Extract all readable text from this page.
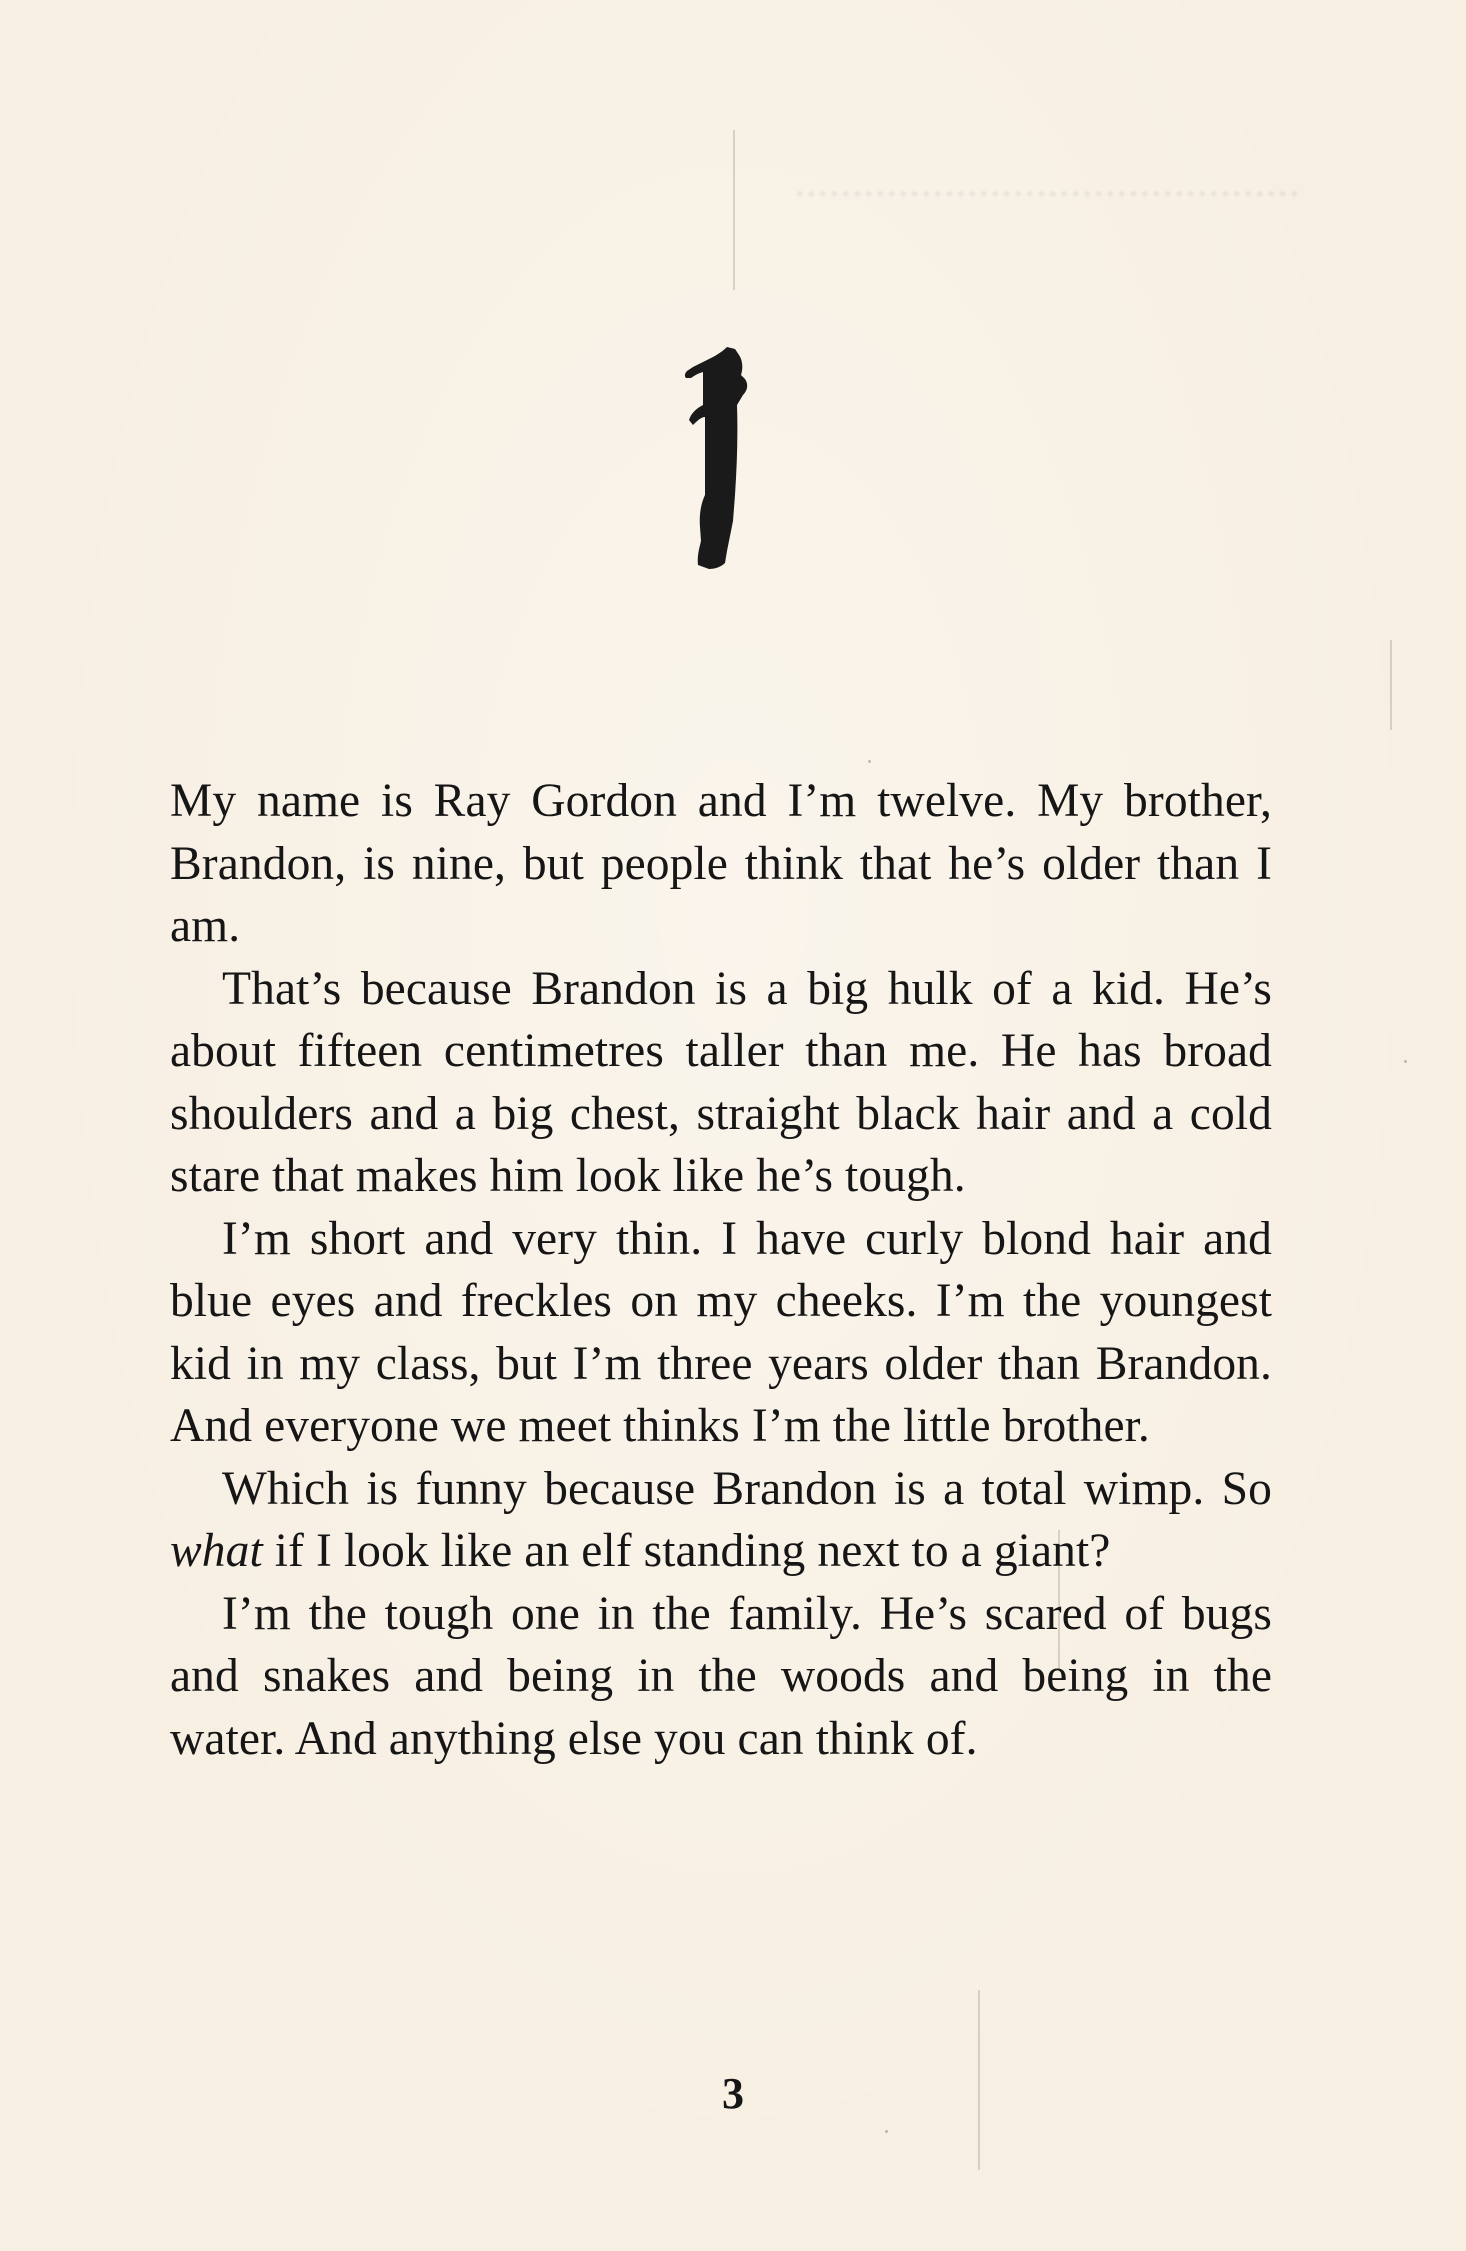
............................................

My name is Ray Gordon and I’m twelve. My brother, Brandon, is nine, but people think that he’s older than I am.

That’s because Brandon is a big hulk of a kid. He’s about fifteen centimetres taller than me. He has broad shoulders and a big chest, straight black hair and a cold stare that makes him look like he’s tough.

I’m short and very thin. I have curly blond hair and blue eyes and freckles on my cheeks. I’m the youngest kid in my class, but I’m three years older than Brandon. And everyone we meet thinks I’m the little brother.

Which is funny because Brandon is a total wimp. So what if I look like an elf standing next to a giant?

I’m the tough one in the family. He’s scared of bugs and snakes and being in the woods and being in the water. And anything else you can think of.

3
